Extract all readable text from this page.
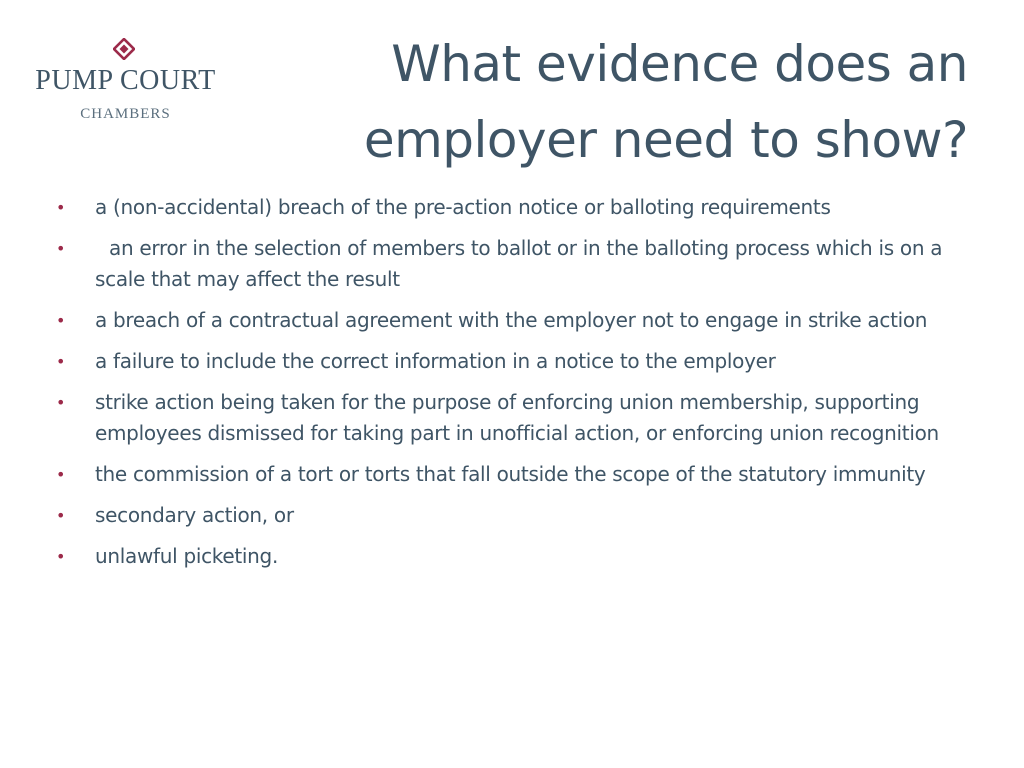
PUMP COURT
CHAMBERS
What evidence does an
employer need to show?
• a (non-accidental) breach of the pre-action notice or balloting requirements
•	an error in the selection of members to ballot or in the balloting process which is on a scale that may affect the result
• a breach of a contractual agreement with the employer not to engage in strike action
• a failure to include the correct information in a notice to the employer
• strike action being taken for the purpose of enforcing union membership, supporting employees dismissed for taking part in unofficial action, or enforcing union recognition
• the commission of a tort or torts that fall outside the scope of the statutory immunity
• secondary action, or
• unlawful picketing.
